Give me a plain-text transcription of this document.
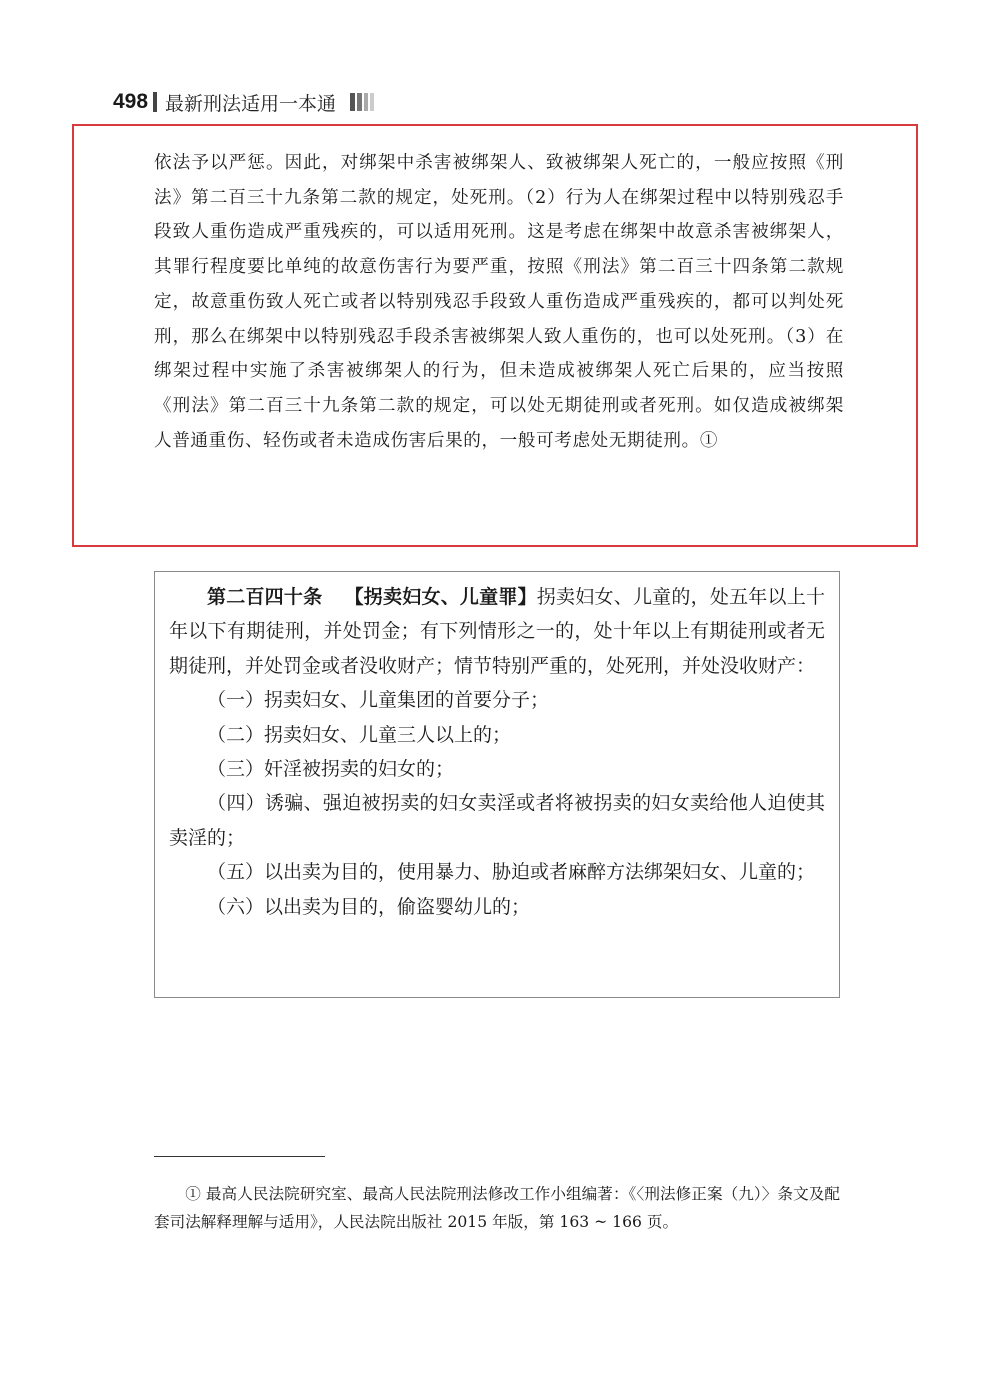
498 最新刑法适用一本通

依法予以严惩。因此，对绑架中杀害被绑架人、致被绑架人死亡的，一般应按照《刑法》第二百三十九条第二款的规定，处死刑。（2）行为人在绑架过程中以特别残忍手段致人重伤造成严重残疾的，可以适用死刑。这是考虑在绑架中故意杀害被绑架人，其罪行程度要比单纯的故意伤害行为要严重，按照《刑法》第二百三十四条第二款规定，故意重伤致人死亡或者以特别残忍手段致人重伤造成严重残疾的，都可以判处死刑，那么在绑架中以特别残忍手段杀害被绑架人致人重伤的，也可以处死刑。（3）在绑架过程中实施了杀害被绑架人的行为，但未造成被绑架人死亡后果的，应当按照《刑法》第二百三十九条第二款的规定，可以处无期徒刑或者死刑。如仅造成被绑架人普通重伤、轻伤或者未造成伤害后果的，一般可考虑处无期徒刑。①

第二百四十条 【拐卖妇女、儿童罪】拐卖妇女、儿童的，处五年以上十年以下有期徒刑，并处罚金；有下列情形之一的，处十年以上有期徒刑或者无期徒刑，并处罚金或者没收财产；情节特别严重的，处死刑，并处没收财产：

（一）拐卖妇女、儿童集团的首要分子；

（二）拐卖妇女、儿童三人以上的；

（三）奸淫被拐卖的妇女的；

（四）诱骗、强迫被拐卖的妇女卖淫或者将被拐卖的妇女卖给他人迫使其卖淫的；

（五）以出卖为目的，使用暴力、胁迫或者麻醉方法绑架妇女、儿童的；

（六）以出卖为目的，偷盗婴幼儿的；

① 最高人民法院研究室、最高人民法院刑法修改工作小组编著：《〈刑法修正案（九）〉条文及配套司法解释理解与适用》，人民法院出版社 2015 年版，第 163 ~ 166 页。
